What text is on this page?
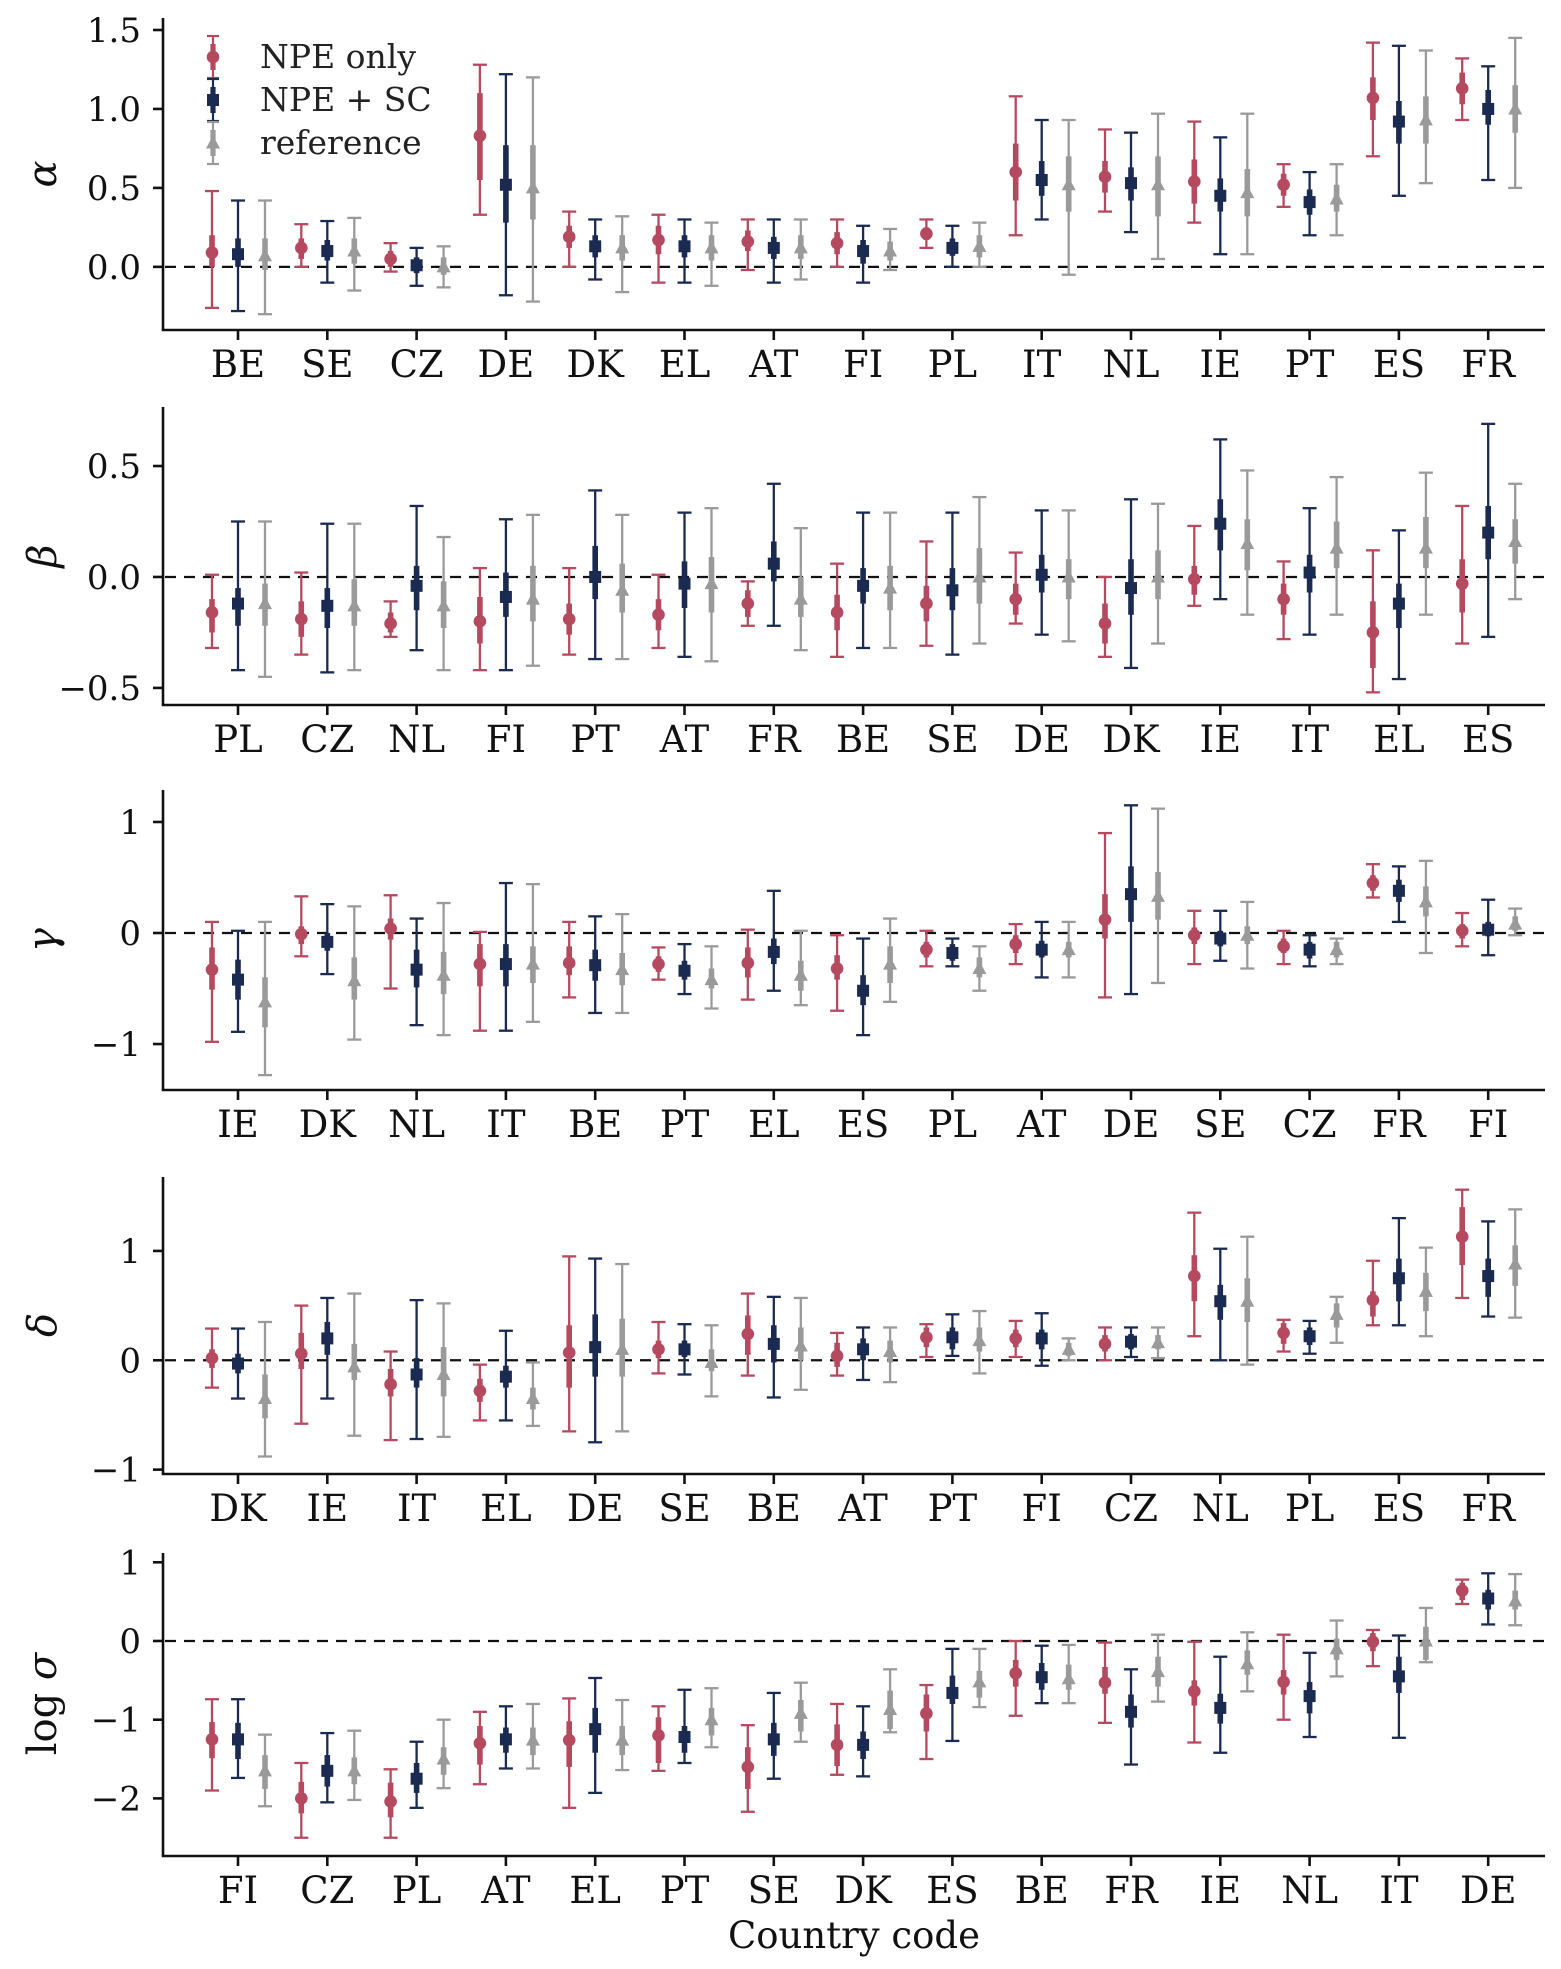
α
β
γ
δ
log σ
Country code
0.0
0.5
1.0
1.5
BE SE CZ DE DK EL AT FI PL IT NL IE PT ES FR
−0.5
0.0
0.5
PL CZ NL FI PT AT FR BE SE DE DK IE IT EL ES
−1
0
1
IE DK NL IT BE PT EL ES PL AT DE SE CZ FR FI
−1
0
1
DK IE IT EL DE SE BE AT PT FI CZ NL PL ES FR
−2
−1
0
1
FI CZ PL AT EL PT SE DK ES BE FR IE NL IT DE
NPE only
NPE + SC
reference
